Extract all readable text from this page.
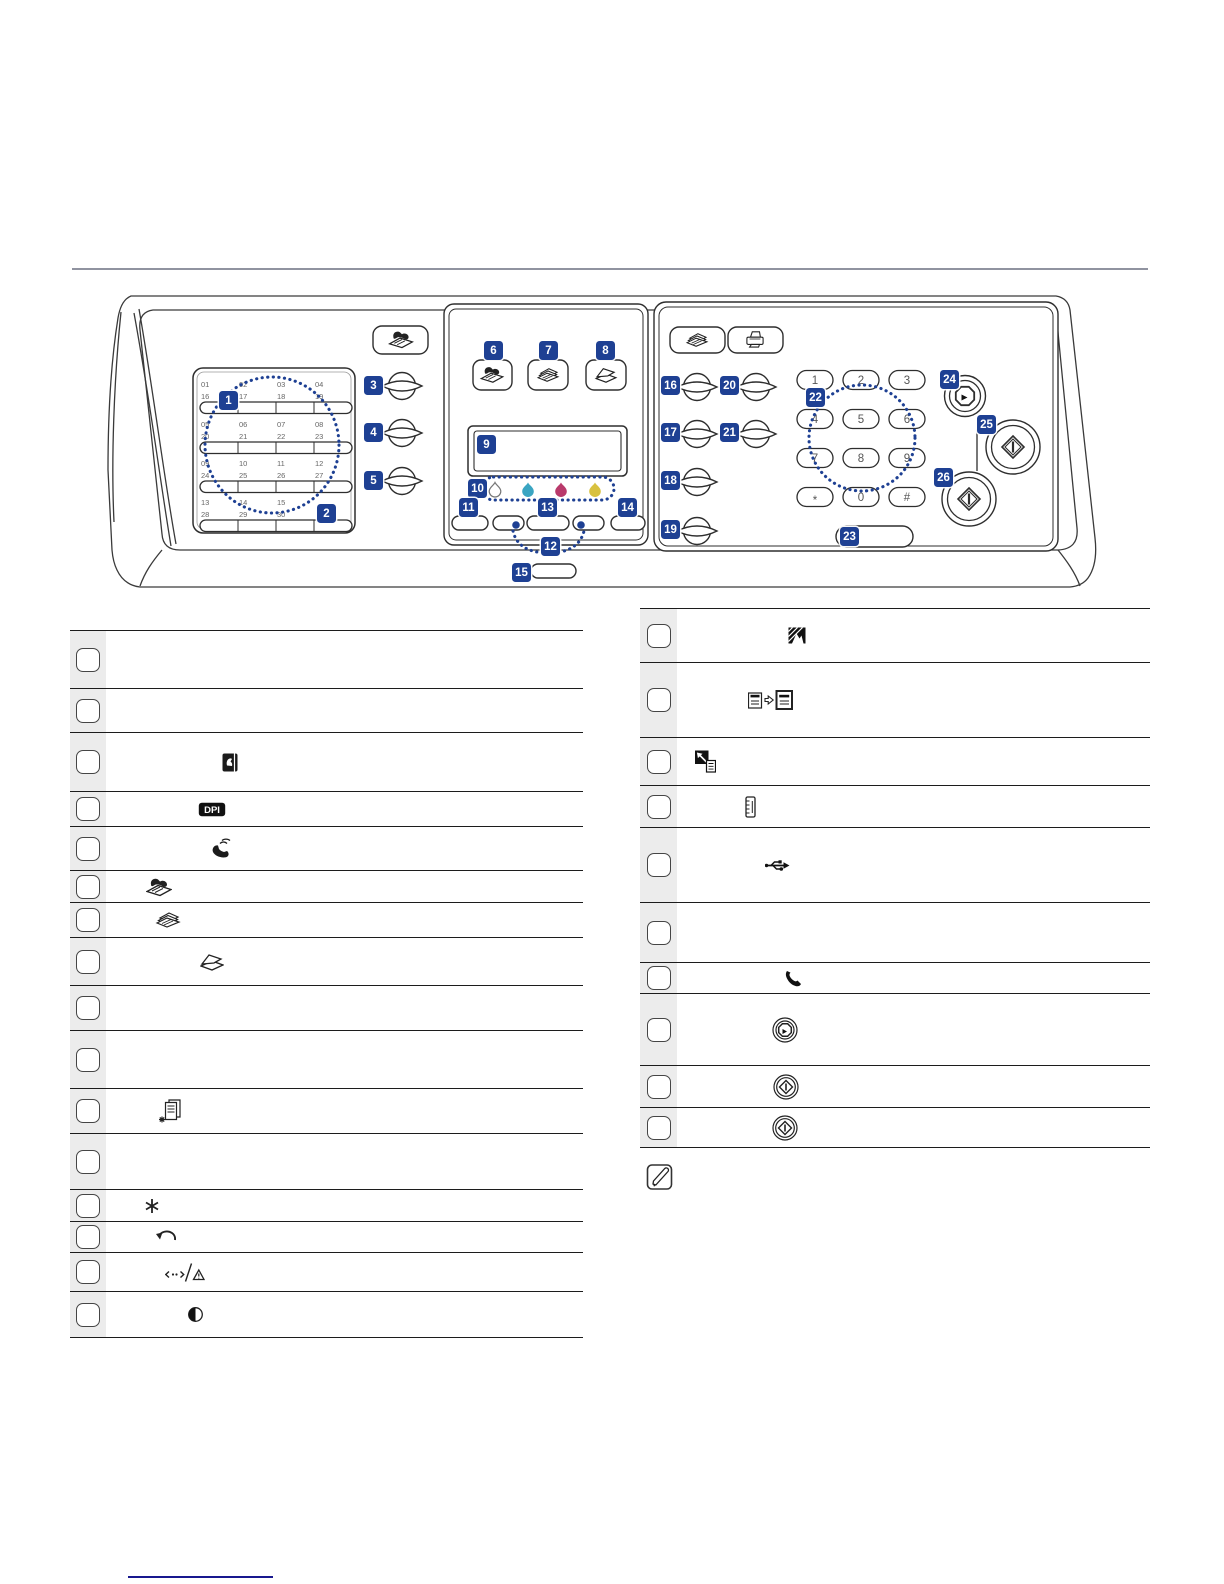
01	02	03	04
16	17	18	19
05	06	07	08
20	21	22	23
09	10	11	12
24	25	26	27
13	14	15
28	29	30
1	2	3
4	5	6
7	8	9
*	0	#
1
2
3
4
5
6	7	8
9
10
11
12
13	14
15
16
17
18
19
20
21
22
23
24
25
26
DPI
